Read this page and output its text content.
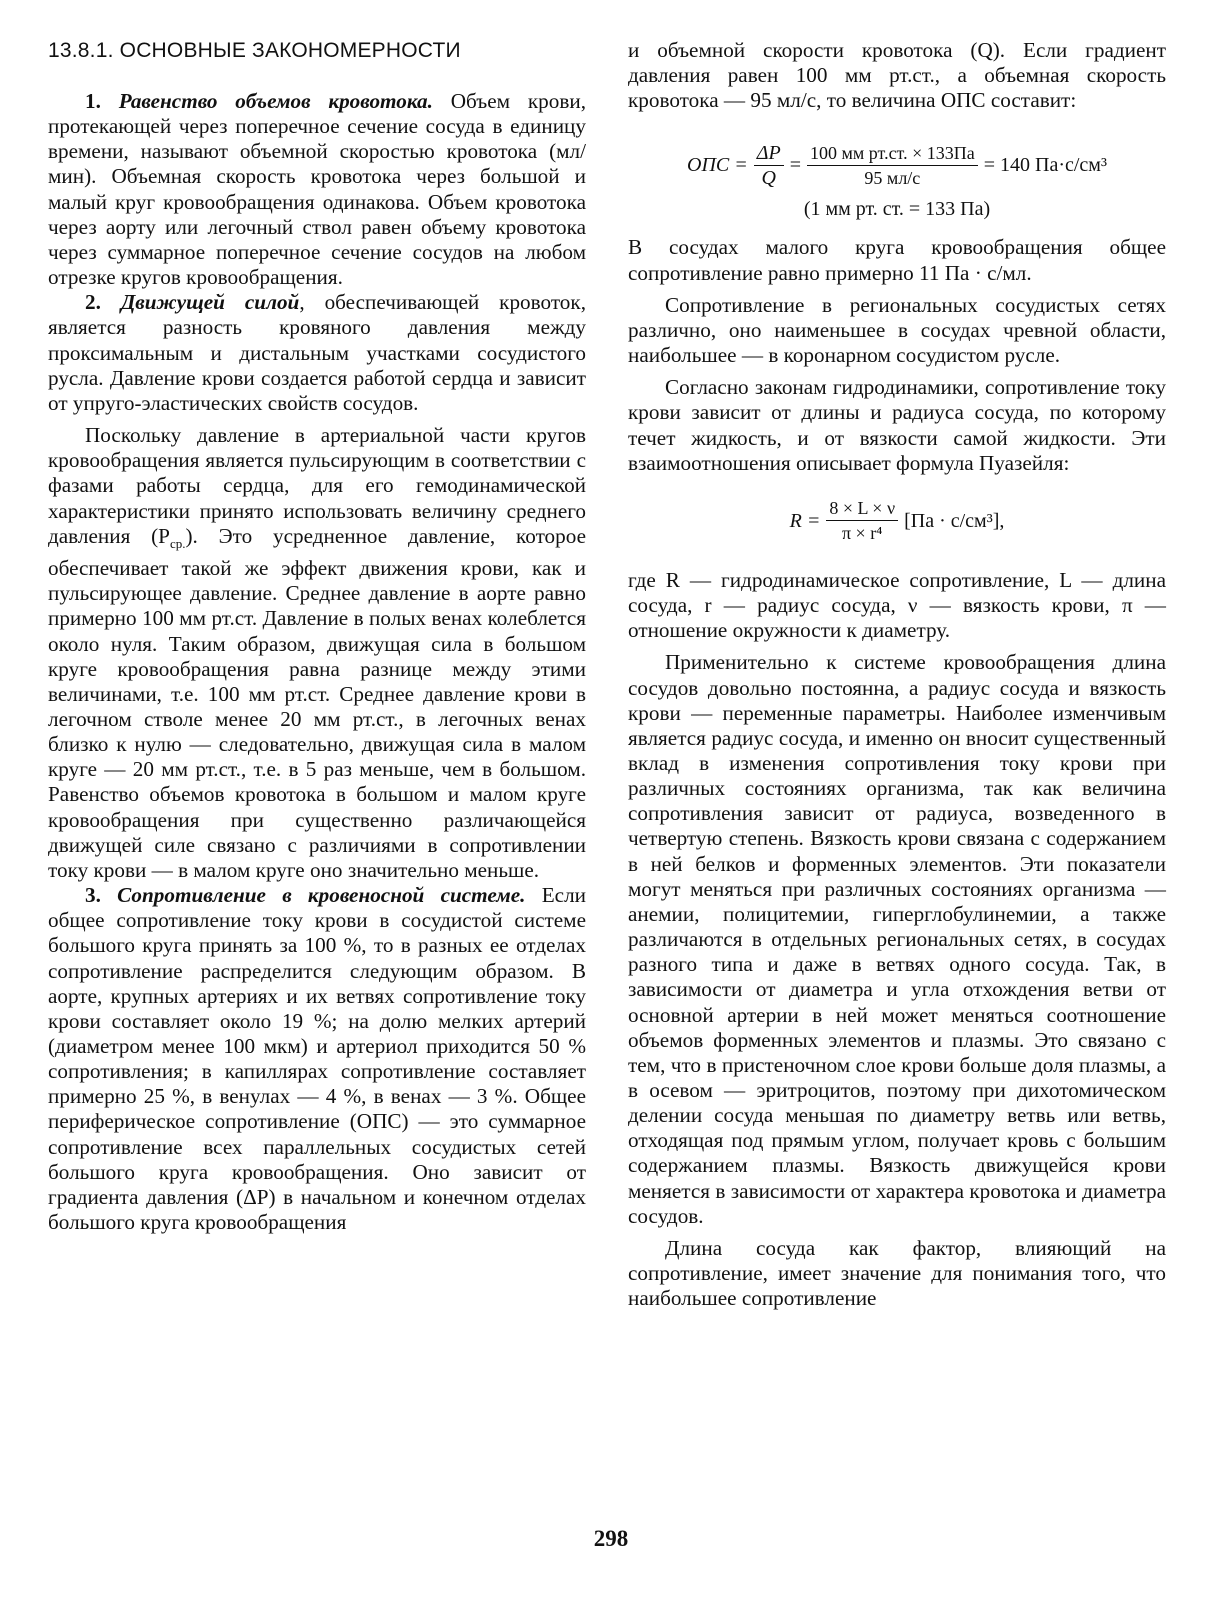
13.8.1. ОСНОВНЫЕ ЗАКОНОМЕРНОСТИ

1. Равенство объемов кровотока. Объем крови, протекающей через поперечное сечение сосуда в единицу времени, называют объемной скоростью кровотока (мл/мин). Объемная скорость кровотока через большой и малый круг кровообращения одинакова. Объем кровотока через аорту или легочный ствол равен объему кровотока через суммарное поперечное сечение сосудов на любом отрезке кругов кровообращения.

2. Движущей силой, обеспечивающей кровоток, является разность кровяного давления между проксимальным и дистальным участками сосудистого русла. Давление крови создается работой сердца и зависит от упруго-эластических свойств сосудов.

Поскольку давление в артериальной части кругов кровообращения является пульсирующим в соответствии с фазами работы сердца, для его гемодинамической характеристики принято использовать величину среднего давления $(P_{ср.})$. Это усредненное давление, которое обеспечивает такой же эффект движения крови, как и пульсирующее давление. Среднее давление в аорте равно примерно 100 мм рт.ст. Давление в полых венах колеблется около нуля. Таким образом, движущая сила в большом круге кровообращения равна разнице между этими величинами, т.е. 100 мм рт.ст. Среднее давление крови в легочном стволе менее 20 мм рт.ст., в легочных венах близко к нулю — следовательно, движущая сила в малом круге — 20 мм рт.ст., т.е. в 5 раз меньше, чем в большом. Равенство объемов кровотока в большом и малом круге кровообращения при существенно различающейся движущей силе связано с различиями в сопротивлении току крови — в малом круге оно значительно меньше.

3. Сопротивление в кровеносной системе. Если общее сопротивление току крови в сосудистой системе большого круга принять за 100 %, то в разных ее отделах сопротивление распределится следующим образом. В аорте, крупных артериях и их ветвях сопротивление току крови составляет около 19 %; на долю мелких артерий (диаметром менее 100 мкм) и артериол приходится 50 % сопротивления; в капиллярах сопротивление составляет примерно 25 %, в венулах — 4 %, в венах — 3 %. Общее периферическое сопротивление (ОПС) — это суммарное сопротивление всех параллельных сосудистых сетей большого круга кровообращения. Оно зависит от градиента давления (ΔP) в начальном и конечном отделах большого круга кровообращения

и объемной скорости кровотока (Q). Если градиент давления равен 100 мм рт.ст., а объемная скорость кровотока — 95 мл/с, то величина ОПС составит:

ОПС = $\frac{\Delta P}{Q} = \frac{\text{100 мм рт.ст. × 133Па}}{95 мл/с} = 140$ Па·с/см³
(1 мм рт. ст. = 133 Па)

В сосудах малого круга кровообращения общее сопротивление равно примерно 11 Па · с/мл.

Сопротивление в региональных сосудистых сетях различно, оно наименьшее в сосудах чревной области, наибольшее — в коронарном сосудистом русле.

Согласно законам гидродинамики, сопротивление току крови зависит от длины и радиуса сосуда, по которому течет жидкость, и от вязкости самой жидкости. Эти взаимоотношения описывает формула Пуазейля:

$R = \frac{8 \times L \times \nu}{\text{π × r⁴}} [Па \cdot с/см^3]$,

где R — гидродинамическое сопротивление, L — длина сосуда, r — радиус сосуда, ν — вязкость крови, π — отношение окружности к диаметру.

Применительно к системе кровообращения длина сосудов довольно постоянна, а радиус сосуда и вязкость крови — переменные параметры. Наиболее изменчивым является радиус сосуда, и именно он вносит существенный вклад в изменения сопротивления току крови при различных состояниях организма, так как величина сопротивления зависит от радиуса, возведенного в четвертую степень. Вязкость крови связана с содержанием в ней белков и форменных элементов. Эти показатели могут меняться при различных состояниях организма — анемии, полицитемии, гиперглобулинемии, а также различаются в отдельных региональных сетях, в сосудах разного типа и даже в ветвях одного сосуда. Так, в зависимости от диаметра и угла отхождения ветви от основной артерии в ней может меняться соотношение объемов форменных элементов и плазмы. Это связано с тем, что в пристеночном слое крови больше доля плазмы, а в осевом — эритроцитов, поэтому при дихотомическом делении сосуда меньшая по диаметру ветвь или ветвь, отходящая под прямым углом, получает кровь с большим содержанием плазмы. Вязкость движущейся крови меняется в зависимости от характера кровотока и диаметра сосудов.

Длина сосуда как фактор, влияющий на сопротивление, имеет значение для понимания того, что наибольшее сопротивление

298
